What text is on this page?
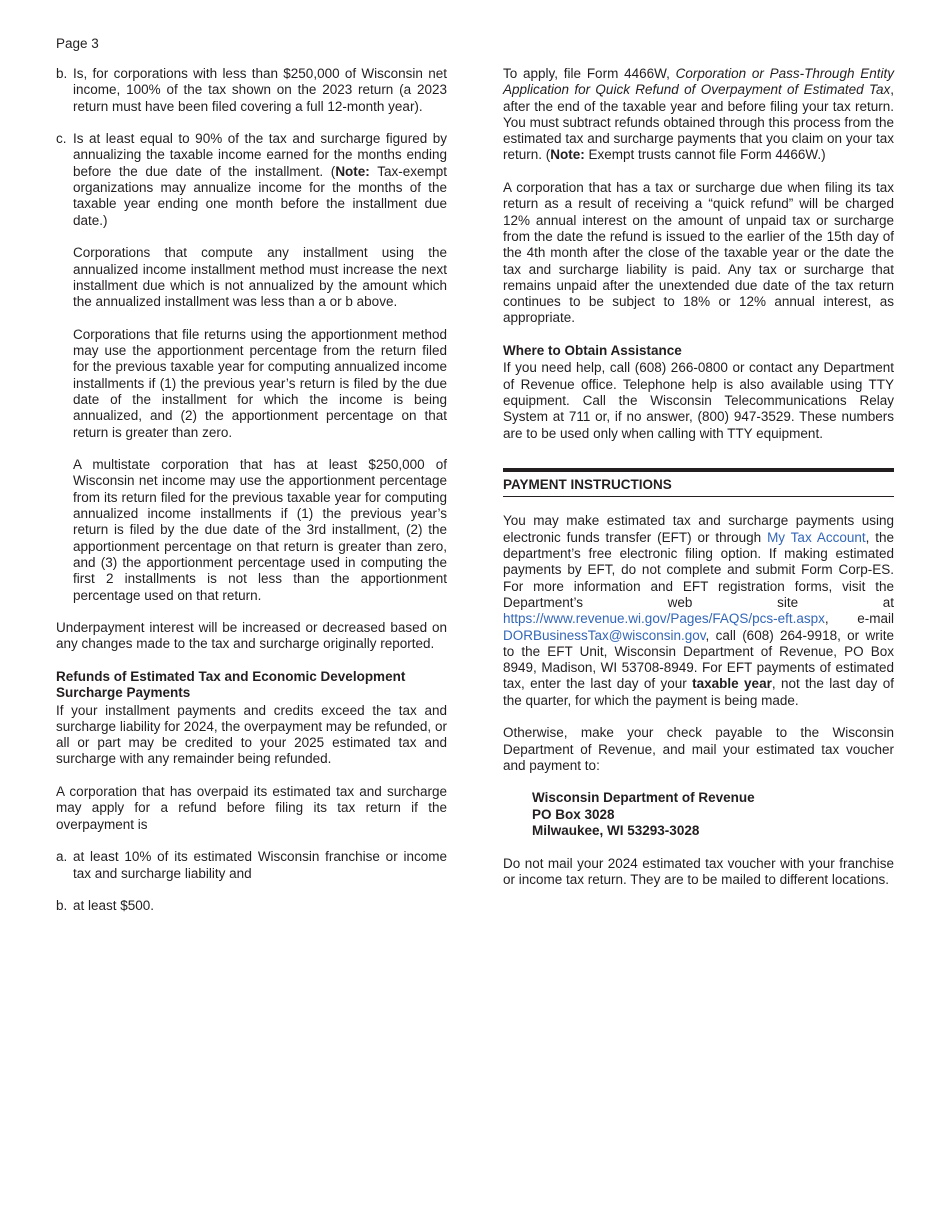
Page 3
b. Is, for corporations with less than $250,000 of Wisconsin net income, 100% of the tax shown on the 2023 return (a 2023 return must have been filed covering a full 12-month year).
c. Is at least equal to 90% of the tax and surcharge figured by annualizing the taxable income earned for the months ending before the due date of the installment. (Note: Tax-exempt organizations may annualize income for the months of the taxable year ending one month before the installment due date.)
Corporations that compute any installment using the annualized income installment method must increase the next installment due which is not annualized by the amount which the annualized installment was less than a or b above.
Corporations that file returns using the apportionment method may use the apportionment percentage from the return filed for the previous taxable year for computing annualized income installments if (1) the previous year’s return is filed by the due date of the installment for which the income is being annualized, and (2) the apportionment percentage on that return is greater than zero.
A multistate corporation that has at least $250,000 of Wisconsin net income may use the apportionment percentage from its return filed for the previous taxable year for computing annualized income installments if (1) the previous year’s return is filed by the due date of the 3rd installment, (2) the apportionment percentage on that return is greater than zero, and (3) the apportionment percentage used in computing the first 2 installments is not less than the apportionment percentage used on that return.
Underpayment interest will be increased or decreased based on any changes made to the tax and surcharge originally reported.
Refunds of Estimated Tax and Economic Development Surcharge Payments
If your installment payments and credits exceed the tax and surcharge liability for 2024, the overpayment may be refunded, or all or part may be credited to your 2025 estimated tax and surcharge with any remainder being refunded.
A corporation that has overpaid its estimated tax and surcharge may apply for a refund before filing its tax return if the overpayment is
a. at least 10% of its estimated Wisconsin franchise or income tax and surcharge liability and
b. at least $500.
To apply, file Form 4466W, Corporation or Pass-Through Entity Application for Quick Refund of Overpayment of Estimated Tax, after the end of the taxable year and before filing your tax return. You must subtract refunds obtained through this process from the estimated tax and surcharge payments that you claim on your tax return. (Note: Exempt trusts cannot file Form 4466W.)
A corporation that has a tax or surcharge due when filing its tax return as a result of receiving a “quick refund” will be charged 12% annual interest on the amount of unpaid tax or surcharge from the date the refund is issued to the earlier of the 15th day of the 4th month after the close of the taxable year or the date the tax and surcharge liability is paid. Any tax or surcharge that remains unpaid after the unextended due date of the tax return continues to be subject to 18% or 12% annual interest, as appropriate.
Where to Obtain Assistance
If you need help, call (608) 266-0800 or contact any Department of Revenue office. Telephone help is also available using TTY equipment. Call the Wisconsin Telecommunications Relay System at 711 or, if no answer, (800) 947-3529. These numbers are to be used only when calling with TTY equipment.
PAYMENT INSTRUCTIONS
You may make estimated tax and surcharge payments using electronic funds transfer (EFT) or through My Tax Account, the department’s free electronic filing option. If making estimated payments by EFT, do not complete and submit Form Corp-ES. For more information and EFT registration forms, visit the Department’s web site at https://www.revenue.wi.gov/Pages/FAQS/pcs-eft.aspx, e-mail DORBusinessTax@wisconsin.gov, call (608) 264-9918, or write to the EFT Unit, Wisconsin Department of Revenue, PO Box 8949, Madison, WI 53708-8949. For EFT payments of estimated tax, enter the last day of your taxable year, not the last day of the quarter, for which the payment is being made.
Otherwise, make your check payable to the Wisconsin Department of Revenue, and mail your estimated tax voucher and payment to:
Wisconsin Department of Revenue
PO Box 3028
Milwaukee, WI 53293-3028
Do not mail your 2024 estimated tax voucher with your franchise or income tax return. They are to be mailed to different locations.
